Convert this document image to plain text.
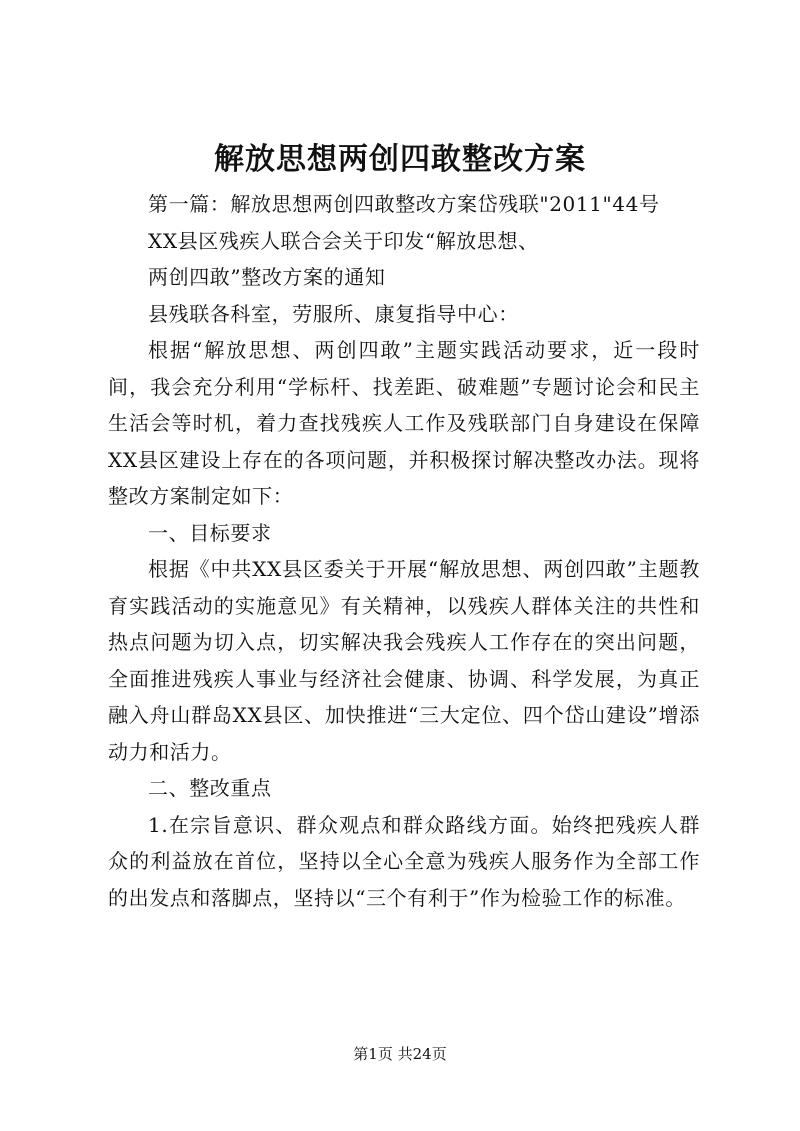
解放思想两创四敢整改方案

第一篇：解放思想两创四敢整改方案岱残联"2011"44号

XX县区残疾人联合会关于印发“解放思想、

两创四敢”整改方案的通知

县残联各科室，劳服所、康复指导中心：

根据“解放思想、两创四敢”主题实践活动要求，近一段时间，我会充分利用“学标杆、找差距、破难题”专题讨论会和民主生活会等时机，着力查找残疾人工作及残联部门自身建设在保障XX县区建设上存在的各项问题，并积极探讨解决整改办法。现将整改方案制定如下：

一、目标要求

根据《中共XX县区委关于开展“解放思想、两创四敢”主题教育实践活动的实施意见》有关精神，以残疾人群体关注的共性和热点问题为切入点，切实解决我会残疾人工作存在的突出问题，全面推进残疾人事业与经济社会健康、协调、科学发展，为真正融入舟山群岛XX县区、加快推进“三大定位、四个岱山建设”增添动力和活力。

二、整改重点

1.在宗旨意识、群众观点和群众路线方面。始终把残疾人群众的利益放在首位，坚持以全心全意为残疾人服务作为全部工作的出发点和落脚点，坚持以“三个有利于”作为检验工作的标准。

第1页 共24页
